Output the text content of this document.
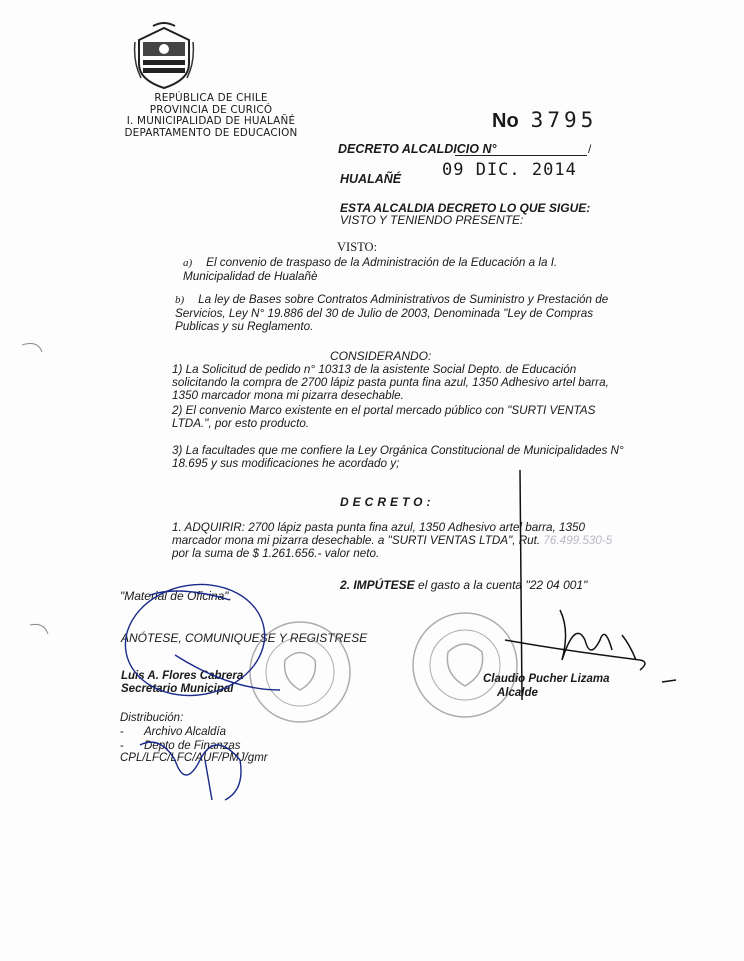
REPÚBLICA DE CHILE
PROVINCIA DE CURICÓ
I. MUNICIPALIDAD DE HUALAÑÉ
DEPARTAMENTO DE EDUCACION
No 3795
DECRETO ALCALDICIO N°	/
09 DIC. 2014
HUALAÑÉ
ESTA ALCALDIA DECRETO LO QUE SIGUE:
VISTO Y TENIENDO PRESENTE:
VISTO:
a) El convenio de traspaso de la Administración de la Educación a la I. Municipalidad de Hualañè
b) La ley de Bases sobre Contratos Administrativos de Suministro y Prestación de Servicios, Ley N° 19.886 del 30 de Julio de 2003, Denominada "Ley de Compras Publicas y su Reglamento.
CONSIDERANDO:
1) La Solicitud de pedido n° 10313 de la asistente Social Depto. de Educación solicitando la compra de 2700 lápiz pasta punta fina azul, 1350 Adhesivo artel barra, 1350 marcador mona mi pizarra desechable.
2) El convenio Marco existente en el portal mercado público con "SURTI VENTAS LTDA.", por esto producto.
3) La facultades que me confiere la Ley Orgánica Constitucional de Municipalidades N° 18.695 y sus modificaciones he acordado y;
DECRETO:
1. ADQUIRIR: 2700 lápiz pasta punta fina azul, 1350 Adhesivo artel barra, 1350 marcador mona mi pizarra desechable. a "SURTI VENTAS LTDA", Rut. 76.499.530-5
por la suma de $ 1.261.656.- valor neto.
2. IMPÚTESE el gasto a la cuenta "22 04 001"
"Material de Oficina".
ANÓTESE, COMUNIQUESE Y REGISTRESE
Luis A. Flores Cabrera
Secretario Municipal
Claudio Pucher Lizama
Alcalde
Distribución:
- Archivo Alcaldía
- Depto de Finanzas
CPL/LFC/LFC/AUF/PMJ/gmr
